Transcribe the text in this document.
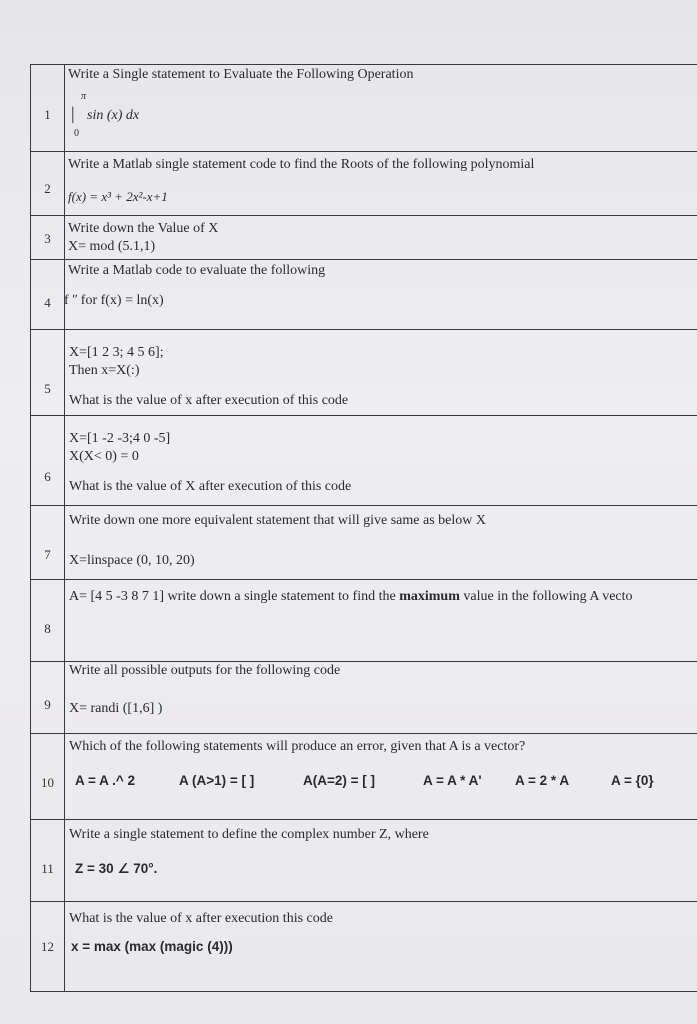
1
Write a Single statement to Evaluate the Following Operation
π
| sin (x) dx
0
2
Write a Matlab single statement code to find the Roots of the following polynomial
f(x) = x³ + 2x²-x+1
3
Write down the Value of X
X= mod (5.1,1)
4
Write a Matlab code to evaluate the following
f ʺ for f(x) = ln(x)
5
X=[1 2 3; 4 5 6];
Then x=X(:)
What is the value of x after execution of this code
6
X=[1 -2 -3;4 0 -5]
X(X< 0) = 0
What is the value of X after execution of this code
7
Write down one more equivalent statement that will give same as below X
X=linspace (0, 10, 20)
8
A= [4 5 -3 8 7 1] write down a single statement to find the maximum value in the following A vecto
9
Write all possible outputs for the following code
X= randi ([1,6] )
10
Which of the following statements will produce an error, given that A is a vector?
A = A .^ 2	A (A>1) = [ ]	A(A=2) = [ ]	A = A * A' A = 2 * A	A = {0}
11
Write a single statement to define the complex number Z, where
Z = 30 ∠ 70°.
12
What is the value of x after execution this code
x = max (max (magic (4)))
